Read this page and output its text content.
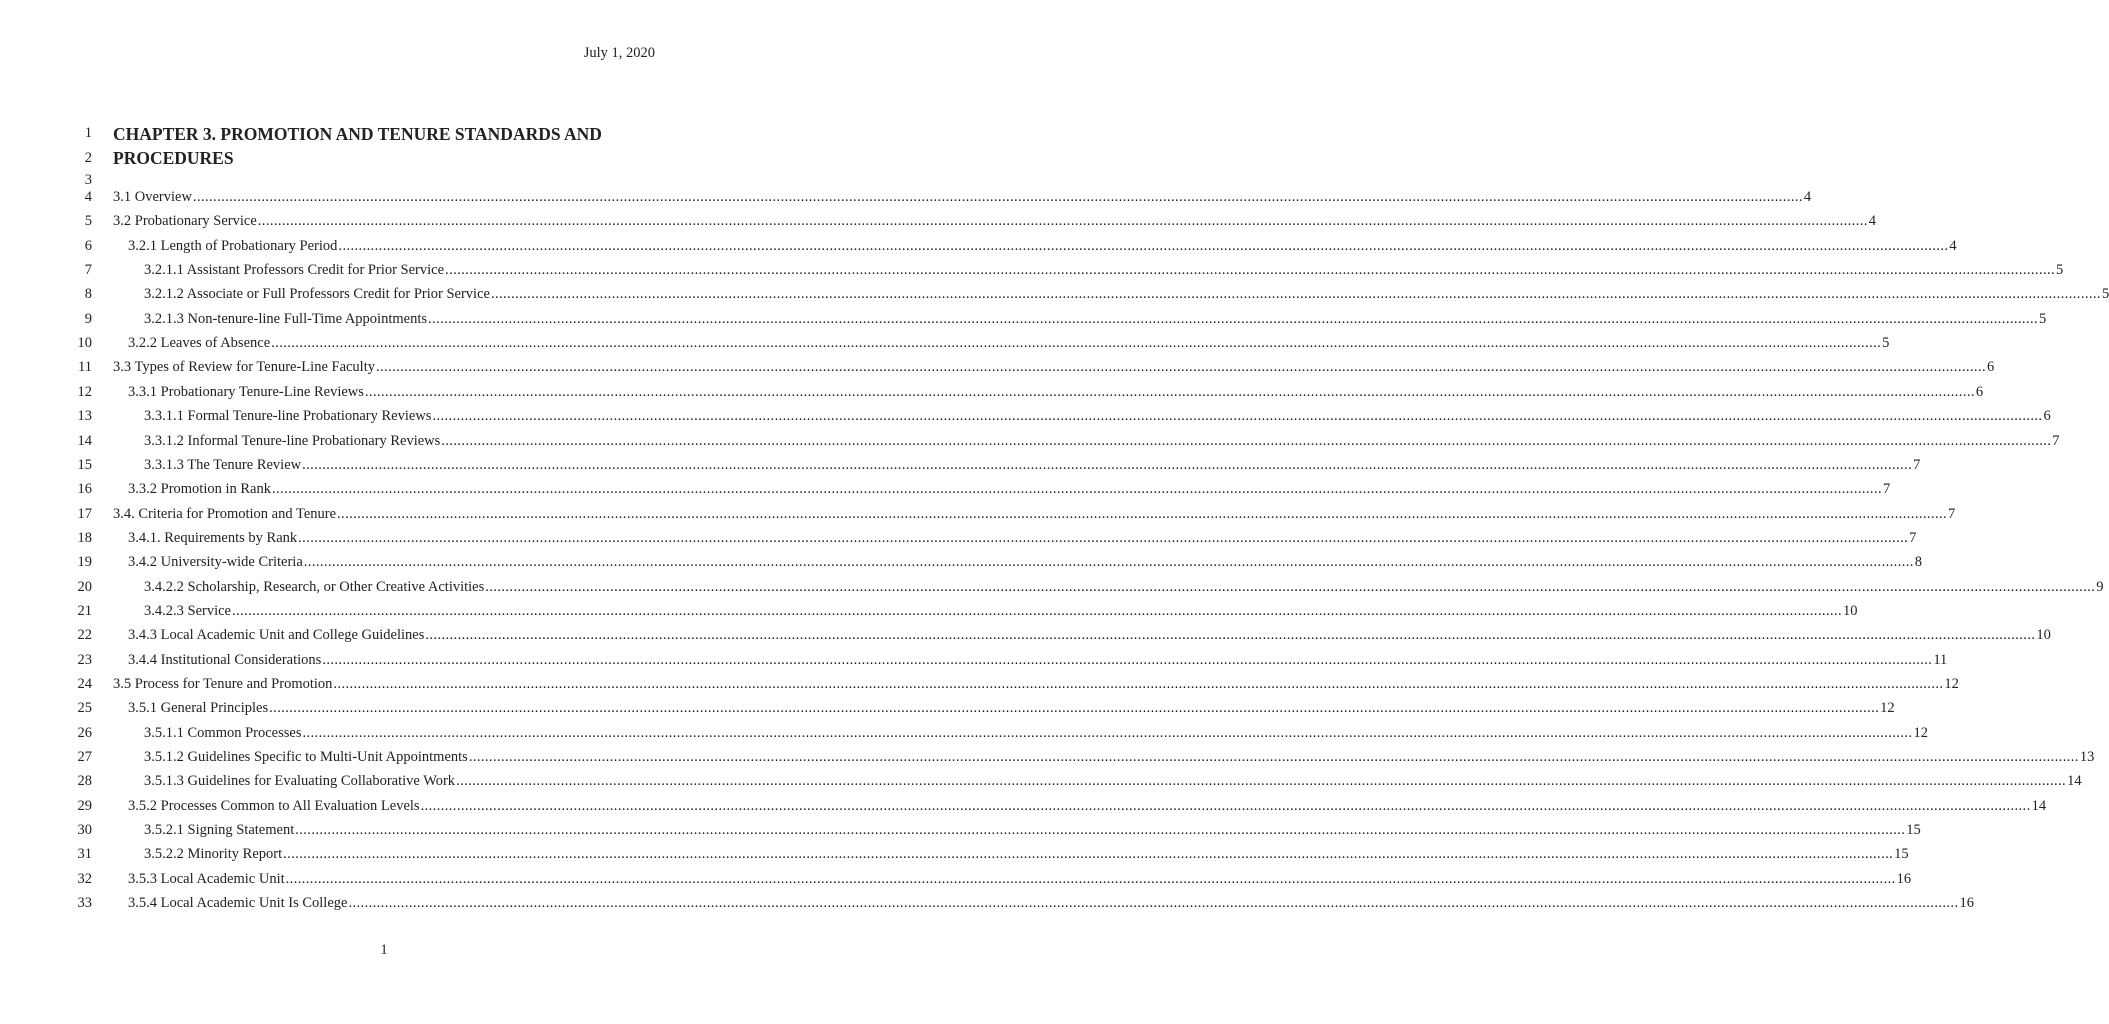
July 1, 2020
CHAPTER 3. PROMOTION AND TENURE STANDARDS AND
PROCEDURES
1
2
3
4
5
6
7
8
9
10
11
12
13
14
15
16
17
18
19
20
21
22
23
24
25
26
27
28
29
30
31
32
33
3.1 Overview ................................................................................................................................................................................................................................................................................................................................................................................................................ 4
3.2 Probationary Service ................................................................................................................................................................................................................................................................................................................................................................................................................ 4
3.2.1 Length of Probationary Period ................................................................................................................................................................................................................................................................................................................................................................................................................ 4
3.2.1.1 Assistant Professors Credit for Prior Service ................................................................................................................................................................................................................................................................................................................................................................................................................ 5
3.2.1.2 Associate or Full Professors Credit for Prior Service ................................................................................................................................................................................................................................................................................................................................................................................................................ 5
3.2.1.3 Non-tenure-line Full-Time Appointments ................................................................................................................................................................................................................................................................................................................................................................................................................ 5
3.2.2 Leaves of Absence ................................................................................................................................................................................................................................................................................................................................................................................................................ 5
3.3 Types of Review for Tenure-Line Faculty ................................................................................................................................................................................................................................................................................................................................................................................................................ 6
3.3.1 Probationary Tenure-Line Reviews ................................................................................................................................................................................................................................................................................................................................................................................................................ 6
3.3.1.1 Formal Tenure-line Probationary Reviews ................................................................................................................................................................................................................................................................................................................................................................................................................ 6
3.3.1.2 Informal Tenure-line Probationary Reviews ................................................................................................................................................................................................................................................................................................................................................................................................................ 7
3.3.1.3 The Tenure Review ................................................................................................................................................................................................................................................................................................................................................................................................................ 7
3.3.2 Promotion in Rank ................................................................................................................................................................................................................................................................................................................................................................................................................ 7
3.4. Criteria for Promotion and Tenure ................................................................................................................................................................................................................................................................................................................................................................................................................ 7
3.4.1. Requirements by Rank ................................................................................................................................................................................................................................................................................................................................................................................................................ 7
3.4.2 University-wide Criteria ................................................................................................................................................................................................................................................................................................................................................................................................................ 8
3.4.2.2 Scholarship, Research, or Other Creative Activities ................................................................................................................................................................................................................................................................................................................................................................................................................ 9
3.4.2.3 Service ................................................................................................................................................................................................................................................................................................................................................................................................................ 10
3.4.3 Local Academic Unit and College Guidelines ................................................................................................................................................................................................................................................................................................................................................................................................................ 10
3.4.4 Institutional Considerations ................................................................................................................................................................................................................................................................................................................................................................................................................ 11
3.5 Process for Tenure and Promotion ................................................................................................................................................................................................................................................................................................................................................................................................................ 12
3.5.1 General Principles ................................................................................................................................................................................................................................................................................................................................................................................................................ 12
3.5.1.1 Common Processes ................................................................................................................................................................................................................................................................................................................................................................................................................ 12
3.5.1.2 Guidelines Specific to Multi-Unit Appointments ................................................................................................................................................................................................................................................................................................................................................................................................................ 13
3.5.1.3 Guidelines for Evaluating Collaborative Work ................................................................................................................................................................................................................................................................................................................................................................................................................ 14
3.5.2 Processes Common to All Evaluation Levels ................................................................................................................................................................................................................................................................................................................................................................................................................ 14
3.5.2.1 Signing Statement ................................................................................................................................................................................................................................................................................................................................................................................................................ 15
3.5.2.2 Minority Report ................................................................................................................................................................................................................................................................................................................................................................................................................ 15
3.5.3 Local Academic Unit ................................................................................................................................................................................................................................................................................................................................................................................................................ 16
3.5.4 Local Academic Unit Is College ................................................................................................................................................................................................................................................................................................................................................................................................................ 16
1
